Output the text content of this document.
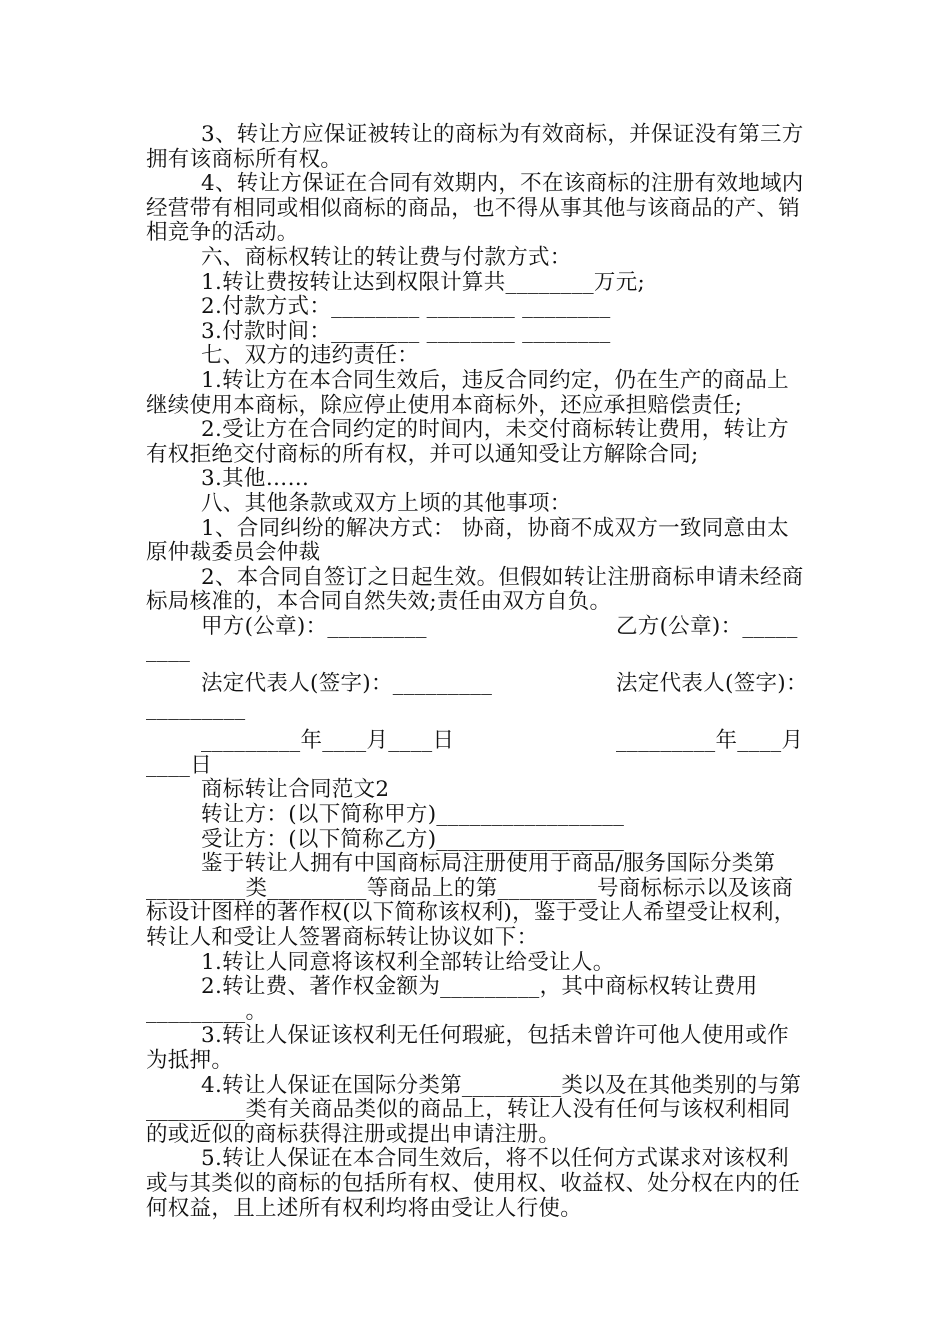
3、转让方应保证被转让的商标为有效商标，并保证没有第三方拥有该商标所有权。

4、转让方保证在合同有效期内，不在该商标的注册有效地域内经营带有相同或相似商标的商品，也不得从事其他与该商品的产、销相竞争的活动。

六、商标权转让的转让费与付款方式：

1.转让费按转让达到权限计算共________万元;

2.付款方式：________ ________ ________

3.付款时间：________ ________ ________

七、双方的违约责任：

1.转让方在本合同生效后，违反合同约定，仍在生产的商品上继续使用本商标，除应停止使用本商标外，还应承担赔偿责任;

2.受让方在合同约定的时间内，未交付商标转让费用，转让方有权拒绝交付商标的所有权，并可以通知受让方解除合同;

3.其他……

八、其他条款或双方上顷的其他事项：

1、合同纠纷的解决方式： 协商，协商不成双方一致同意由太原仲裁委员会仲裁

2、本合同自签订之日起生效。但假如转让注册商标申请未经商标局核准的，本合同自然失效;责任由双方自负。

甲方(公章)：_________	乙方(公章)：_____

____

法定代表人(签字)：_________	法定代表人(签字)：

_________

_________年____月____日	_________年____月

____日

商标转让合同范文2

转让方：(以下简称甲方)_________________

受让方：(以下简称乙方)_________________

鉴于转让人拥有中国商标局注册使用于商品/服务国际分类第_________类_________等商品上的第_________号商标标示以及该商标设计图样的著作权(以下简称该权利)，鉴于受让人希望受让权利，转让人和受让人签署商标转让协议如下：

1.转让人同意将该权利全部转让给受让人。

2.转让费、著作权金额为_________，其中商标权转让费用_________。

3.转让人保证该权利无任何瑕疵，包括未曾许可他人使用或作为抵押。

4.转让人保证在国际分类第_________类以及在其他类别的与第_________类有关商品类似的商品上，转让人没有任何与该权利相同的或近似的商标获得注册或提出申请注册。

5.转让人保证在本合同生效后，将不以任何方式谋求对该权利或与其类似的商标的包括所有权、使用权、收益权、处分权在内的任何权益，且上述所有权利均将由受让人行使。
